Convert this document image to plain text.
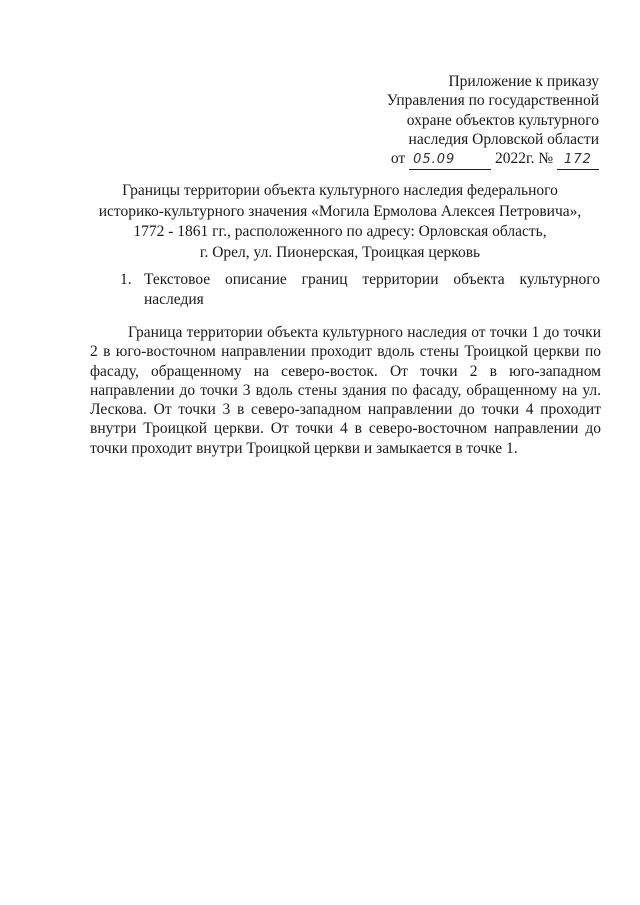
Приложение к приказу
Управления по государственной
охране объектов культурного
наследия Орловской области
от 05.09	2022г. № 172
Границы территории объекта культурного наследия федерального
историко-культурного значения «Могила Ермолова Алексея Петровича»,
1772 - 1861 гг., расположенного по адресу: Орловская область,
г. Орел, ул. Пионерская, Троицкая церковь
1. Текстовое описание границ территории объекта культурного наследия

Граница территории объекта культурного наследия от точки 1 до точки 2 в юго-восточном направлении проходит вдоль стены Троицкой церкви по фасаду, обращенному на северо-восток. От точки 2 в юго-западном направлении до точки 3 вдоль стены здания по фасаду, обращенному на ул. Лескова. От точки 3 в северо-западном направлении до точки 4 проходит внутри Троицкой церкви. От точки 4 в северо-восточном направлении до точки проходит внутри Троицкой церкви и замыкается в точке 1.
